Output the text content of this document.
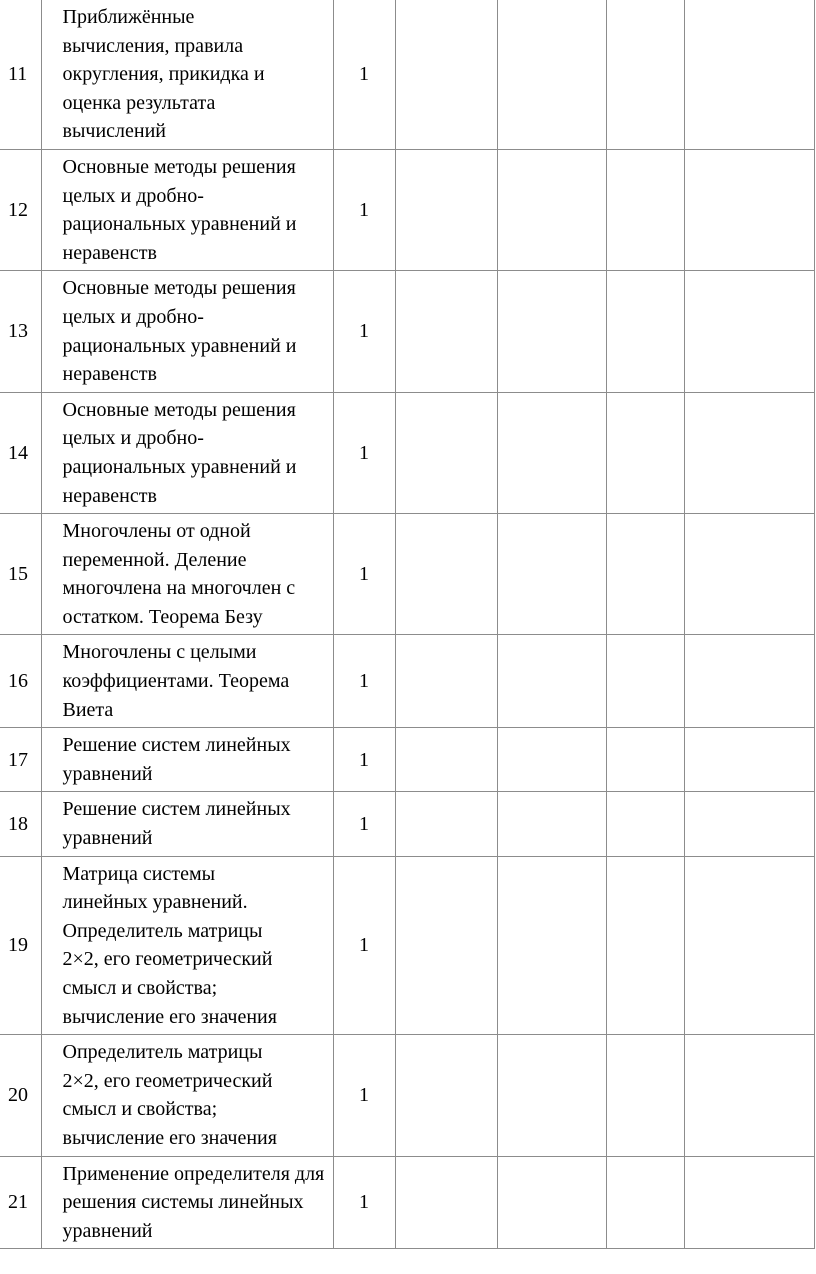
11	Приближённые вычисления, правила округления, прикидка и оценка результата вычислений	1				
12	Основные методы решения целых и дробно-рациональных уравнений и неравенств	1				
13	Основные методы решения целых и дробно-рациональных уравнений и неравенств	1				
14	Основные методы решения целых и дробно-рациональных уравнений и неравенств	1				
15	Многочлены от одной переменной. Деление многочлена на многочлен с остатком. Теорема Безу	1				
16	Многочлены с целыми коэффициентами. Теорема Виета	1				
17	Решение систем линейных уравнений	1				
18	Решение систем линейных уравнений	1				
19	Матрица системы линейных уравнений. Определитель матрицы 2×2, его геометрический смысл и свойства; вычисление его значения	1				
20	Определитель матрицы 2×2, его геометрический смысл и свойства; вычисление его значения	1				
21	Применение определителя для решения системы линейных уравнений	1				
